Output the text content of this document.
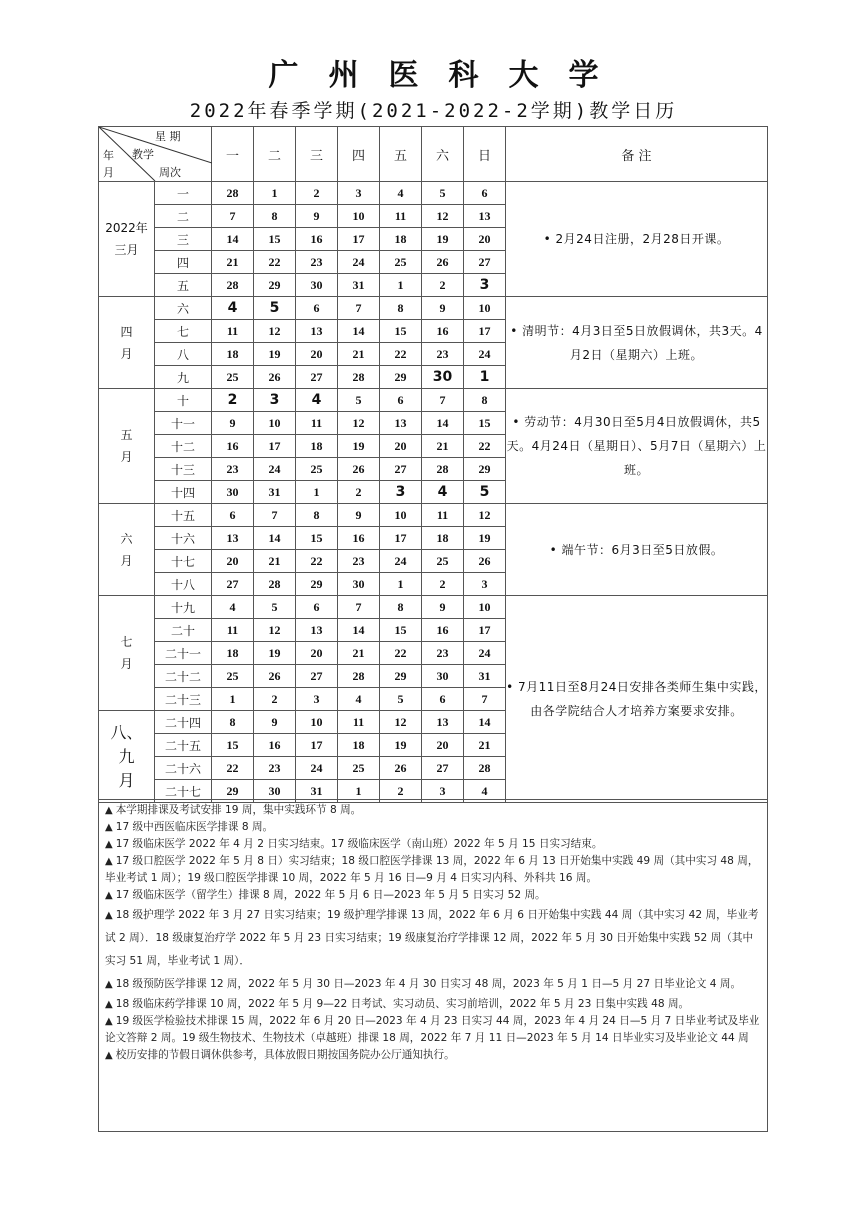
广州医科大学
2022年春季学期(2021-2022-2学期)教学日历
星 期
年 教学
月 周次		一	二	三	四	五	六	日	备 注
2022年
三月	一	28	1	2	3	4	5	6	• 2月24日注册，2月28日开课。
	二	7	8	9	10	11	12	13	
	三	14	15	16	17	18	19	20	
	四	21	22	23	24	25	26	27	
	五	28	29	30	31	1	2	3	
四
月	六	4	5	6	7	8	9	10	• 清明节：4月3日至5日放假调休，共3天。4月2日（星期六）上班。
	七	11	12	13	14	15	16	17	
	八	18	19	20	21	22	23	24	
	九	25	26	27	28	29	30	1	
五
月	十	2	3	4	5	6	7	8	• 劳动节：4月30日至5月4日放假调休，共5天。4月24日（星期日）、5月7日（星期六）上班。
	十一	9	10	11	12	13	14	15	
	十二	16	17	18	19	20	21	22	
	十三	23	24	25	26	27	28	29	
	十四	30	31	1	2	3	4	5	
六
月	十五	6	7	8	9	10	11	12	• 端午节：6月3日至5日放假。
	十六	13	14	15	16	17	18	19	
	十七	20	21	22	23	24	25	26	
	十八	27	28	29	30	1	2	3	
七
月	十九	4	5	6	7	8	9	10	• 7月11日至8月24日安排各类师生集中实践，由各学院结合人才培养方案要求安排。
	二十	11	12	13	14	15	16	17	
	二十一	18	19	20	21	22	23	24	
	二十二	25	26	27	28	29	30	31	
	二十三	1	2	3	4	5	6	7	
八、
九
月	二十四	8	9	10	11	12	13	14	
	二十五	15	16	17	18	19	20	21	
	二十六	22	23	24	25	26	27	28	
	二十七	29	30	31	1	2	3	4	

▲ 本学期排课及考试安排 19 周，集中实践环节 8 周。

▲ 17 级中西医临床医学排课 8 周。

▲ 17 级临床医学 2022 年 4 月 2 日实习结束。17 级临床医学（南山班）2022 年 5 月 15 日实习结束。

▲ 17 级口腔医学 2022 年 5 月 8 日）实习结束；18 级口腔医学排课 13 周，2022 年 6 月 13 日开始集中实践 49 周（其中实习 48 周，毕业考试 1 周）；19 级口腔医学排课 10 周，2022 年 5 月 16 日—9 月 4 日实习内科、外科共 16 周。

▲ 17 级临床医学（留学生）排课 8 周，2022 年 5 月 6 日—2023 年 5 月 5 日实习 52 周。

▲ 18 级护理学 2022 年 3 月 27 日实习结束；19 级护理学排课 13 周，2022 年 6 月 6 日开始集中实践 44 周（其中实习 42 周，毕业考试 2 周）．18 级康复治疗学 2022 年 5 月 23 日实习结束；19 级康复治疗学排课 12 周，2022 年 5 月 30 日开始集中实践 52 周（其中实习 51 周，毕业考试 1 周）．

▲ 18 级预防医学排课 12 周，2022 年 5 月 30 日—2023 年 4 月 30 日实习 48 周，2023 年 5 月 1 日—5 月 27 日毕业论文 4 周。

▲ 18 级临床药学排课 10 周，2022 年 5 月 9—22 日考试、实习动员、实习前培训，2022 年 5 月 23 日集中实践 48 周。

▲ 19 级医学检验技术排课 15 周，2022 年 6 月 20 日—2023 年 4 月 23 日实习 44 周，2023 年 4 月 24 日—5 月 7 日毕业考试及毕业论文答辩 2 周。19 级生物技术、生物技术（卓越班）排课 18 周，2022 年 7 月 11 日—2023 年 5 月 14 日毕业实习及毕业论文 44 周

▲ 校历安排的节假日调休供参考，具体放假日期按国务院办公厅通知执行。
